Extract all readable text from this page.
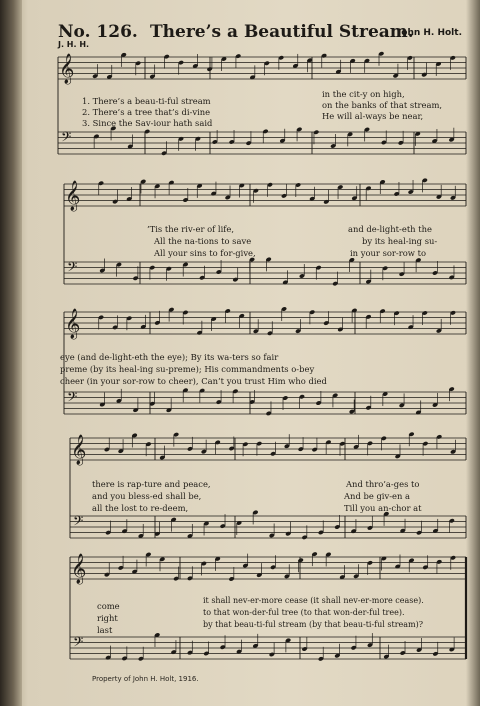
No. 126. There’s a Beautiful Stream.
John H. Holt.
J. H. H.
𝄞
𝄢
𝄞
𝄢
𝄞
𝄢
𝄞
𝄢
𝄞
𝄢
1. There’s a beau-ti-ful stream
in the cit-y on high,
2. There’s a tree that’s di-vine
on the banks of that stream,
3. Since the Sav-iour hath said
He will al-ways be near,
’Tis the riv-er of life,	and de-light-eth the
All the na-tions to save	by its heal-ing su-
All your sins to for-give,	in your sor-row to
eye (and de-light-eth the eye); By its wa-ters so fair
preme (by its heal-ing su-preme); His commandments o-bey
cheer (in your sor-row to cheer), Can’t you trust Him who died
there is rap-ture and peace,	And thro’a-ges to
and you bless-ed shall be,	And be giv-en a
all the lost to re-deem,	Till you an-chor at
come
it shall nev-er-more cease (it shall nev-er-more cease).
right
to that won-der-ful tree (to that won-der-ful tree).
last
by that beau-ti-ful stream (by that beau-ti-ful stream)?
Property of John H. Holt, 1916.
